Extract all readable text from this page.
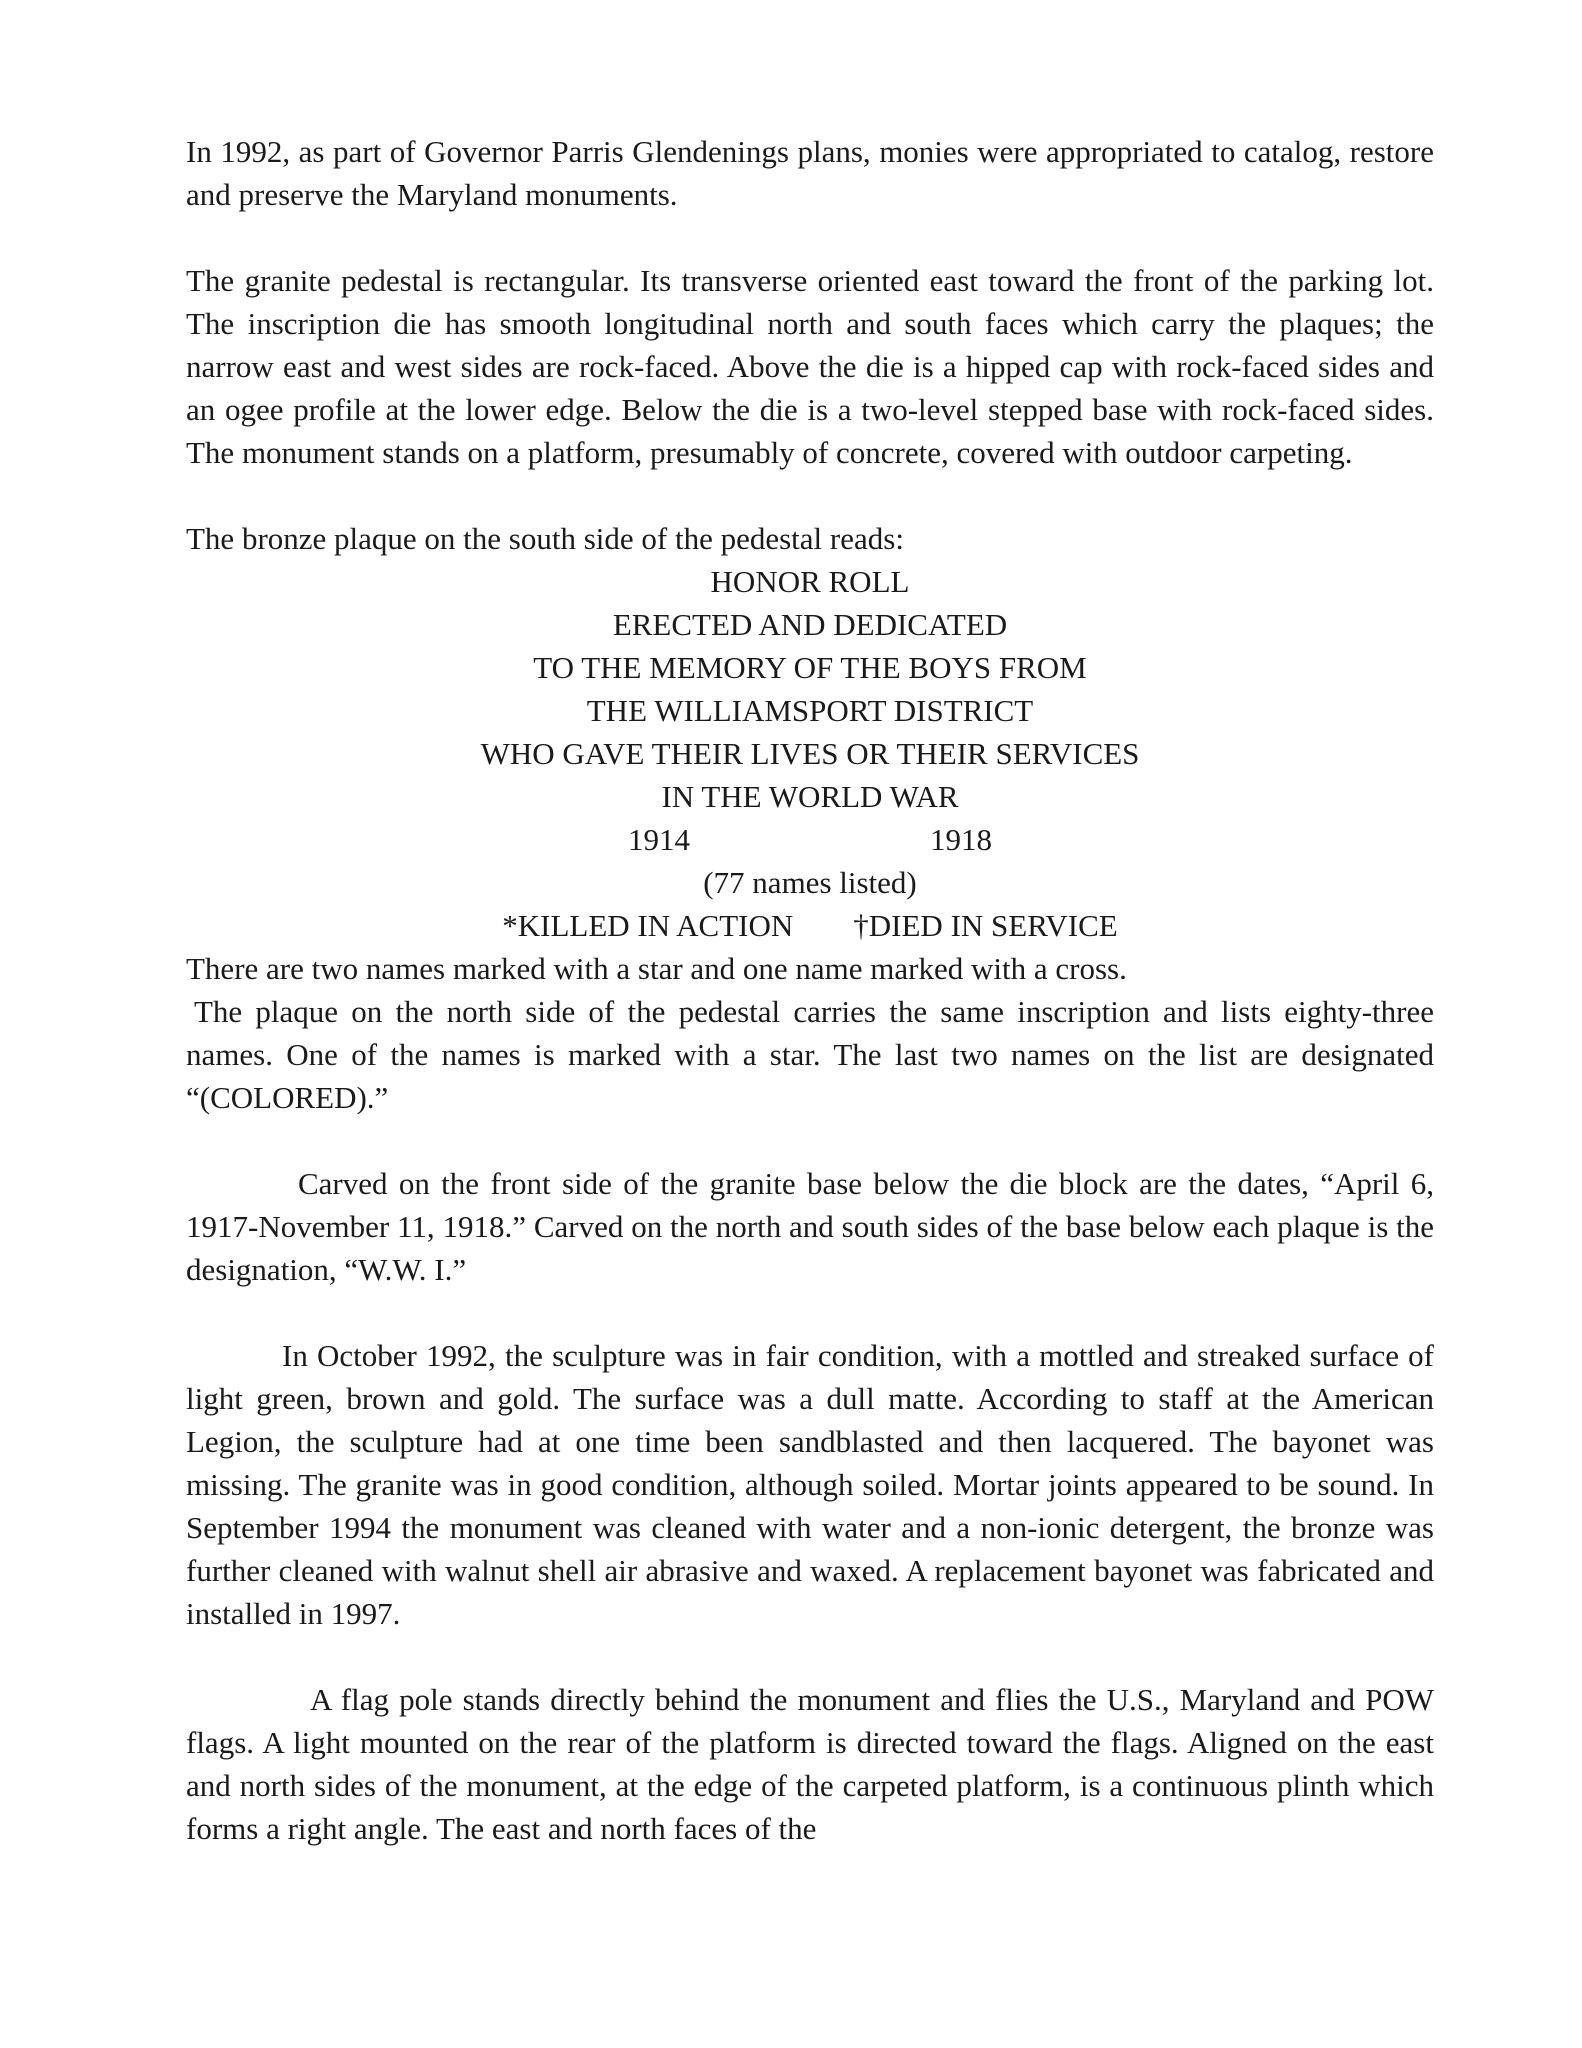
In 1992, as part of Governor Parris Glendenings plans, monies were appropriated to catalog, restore and preserve the Maryland monuments.

The granite pedestal is rectangular. Its transverse oriented east toward the front of the parking lot. The inscription die has smooth longitudinal north and south faces which carry the plaques; the narrow east and west sides are rock-faced. Above the die is a hipped cap with rock-faced sides and an ogee profile at the lower edge. Below the die is a two-level stepped base with rock-faced sides. The monument stands on a platform, presumably of concrete, covered with outdoor carpeting.

The bronze plaque on the south side of the pedestal reads:

HONOR ROLL
ERECTED AND DEDICATED
TO THE MEMORY OF THE BOYS FROM
THE WILLIAMSPORT DISTRICT
WHO GAVE THEIR LIVES OR THEIR SERVICES
IN THE WORLD WAR
1914	1918
(77 names listed)
*KILLED IN ACTION †DIED IN SERVICE

There are two names marked with a star and one name marked with a cross.

The plaque on the north side of the pedestal carries the same inscription and lists eighty-three names. One of the names is marked with a star. The last two names on the list are designated “(COLORED).”

Carved on the front side of the granite base below the die block are the dates, “April 6, 1917-November 11, 1918.” Carved on the north and south sides of the base below each plaque is the designation, “W.W. I.”

In October 1992, the sculpture was in fair condition, with a mottled and streaked surface of light green, brown and gold. The surface was a dull matte. According to staff at the American Legion, the sculpture had at one time been sandblasted and then lacquered. The bayonet was missing. The granite was in good condition, although soiled. Mortar joints appeared to be sound. In September 1994 the monument was cleaned with water and a non-ionic detergent, the bronze was further cleaned with walnut shell air abrasive and waxed. A replacement bayonet was fabricated and installed in 1997.

A flag pole stands directly behind the monument and flies the U.S., Maryland and POW flags. A light mounted on the rear of the platform is directed toward the flags. Aligned on the east and north sides of the monument, at the edge of the carpeted platform, is a continuous plinth which forms a right angle. The east and north faces of the
